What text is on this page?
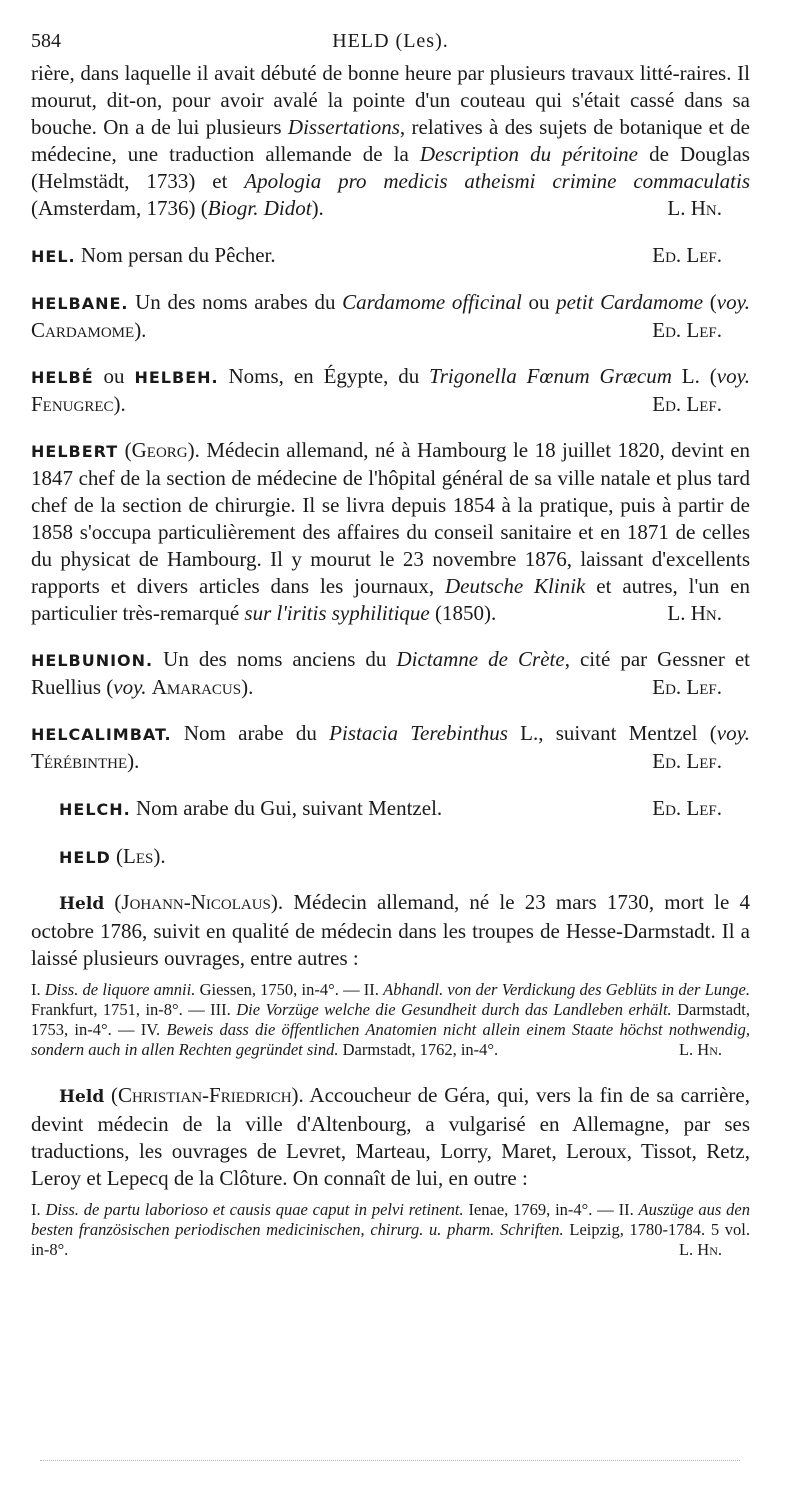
584	HELD (Les).

rière, dans laquelle il avait débuté de bonne heure par plusieurs travaux litté-raires. Il mourut, dit-on, pour avoir avalé la pointe d'un couteau qui s'était cassé dans sa bouche. On a de lui plusieurs Dissertations, relatives à des sujets de botanique et de médecine, une traduction allemande de la Description du péritoine de Douglas (Helmstädt, 1733) et Apologia pro medicis atheismi crimine commaculatis (Amsterdam, 1736) (Biogr. Didot).	L. Hn.

HEL. Nom persan du Pêcher.	Ed. Lef.

HELBANE. Un des noms arabes du Cardamome officinal ou petit Cardamome (voy. Cardamome).	Ed. Lef.

HELBÉ ou HELBEH. Noms, en Égypte, du Trigonella Fœnum Græcum L. (voy. Fenugrec).	Ed. Lef.

HELBERT (Georg). Médecin allemand, né à Hambourg le 18 juillet 1820, devint en 1847 chef de la section de médecine de l'hôpital général de sa ville natale et plus tard chef de la section de chirurgie. Il se livra depuis 1854 à la pratique, puis à partir de 1858 s'occupa particulièrement des affaires du conseil sanitaire et en 1871 de celles du physicat de Hambourg. Il y mourut le 23 novembre 1876, laissant d'excellents rapports et divers articles dans les journaux, Deutsche Klinik et autres, l'un en particulier très-remarqué sur l'iritis syphilitique (1850).	L. Hn.

HELBUNION. Un des noms anciens du Dictamne de Crète, cité par Gessner et Ruellius (voy. Amaracus).	Ed. Lef.

HELCALIMBAT. Nom arabe du Pistacia Terebinthus L., suivant Mentzel (voy. Térébinthe).	Ed. Lef.

HELCH. Nom arabe du Gui, suivant Mentzel.	Ed. Lef.

HELD (Les).

Held (Johann-Nicolaus). Médecin allemand, né le 23 mars 1730, mort le 4 octobre 1786, suivit en qualité de médecin dans les troupes de Hesse-Darmstadt. Il a laissé plusieurs ouvrages, entre autres :

I. Diss. de liquore amnii. Giessen, 1750, in-4°. — II. Abhandl. von der Verdickung des Geblüts in der Lunge. Frankfurt, 1751, in-8°. — III. Die Vorzüge welche die Gesundheit durch das Landleben erhält. Darmstadt, 1753, in-4°. — IV. Beweis dass die öffentlichen Anatomien nicht allein einem Staate höchst nothwendig, sondern auch in allen Rechten gegründet sind. Darmstadt, 1762, in-4°.	L. Hn.

Held (Christian-Friedrich). Accoucheur de Géra, qui, vers la fin de sa carrière, devint médecin de la ville d'Altenbourg, a vulgarisé en Allemagne, par ses traductions, les ouvrages de Levret, Marteau, Lorry, Maret, Leroux, Tissot, Retz, Leroy et Lepecq de la Clôture. On connaît de lui, en outre :

I. Diss. de partu laborioso et causis quae caput in pelvi retinent. Ienae, 1769, in-4°. — II. Auszüge aus den besten französischen periodischen medicinischen, chirurg. u. pharm. Schriften. Leipzig, 1780-1784. 5 vol. in-8°.	L. Hn.
